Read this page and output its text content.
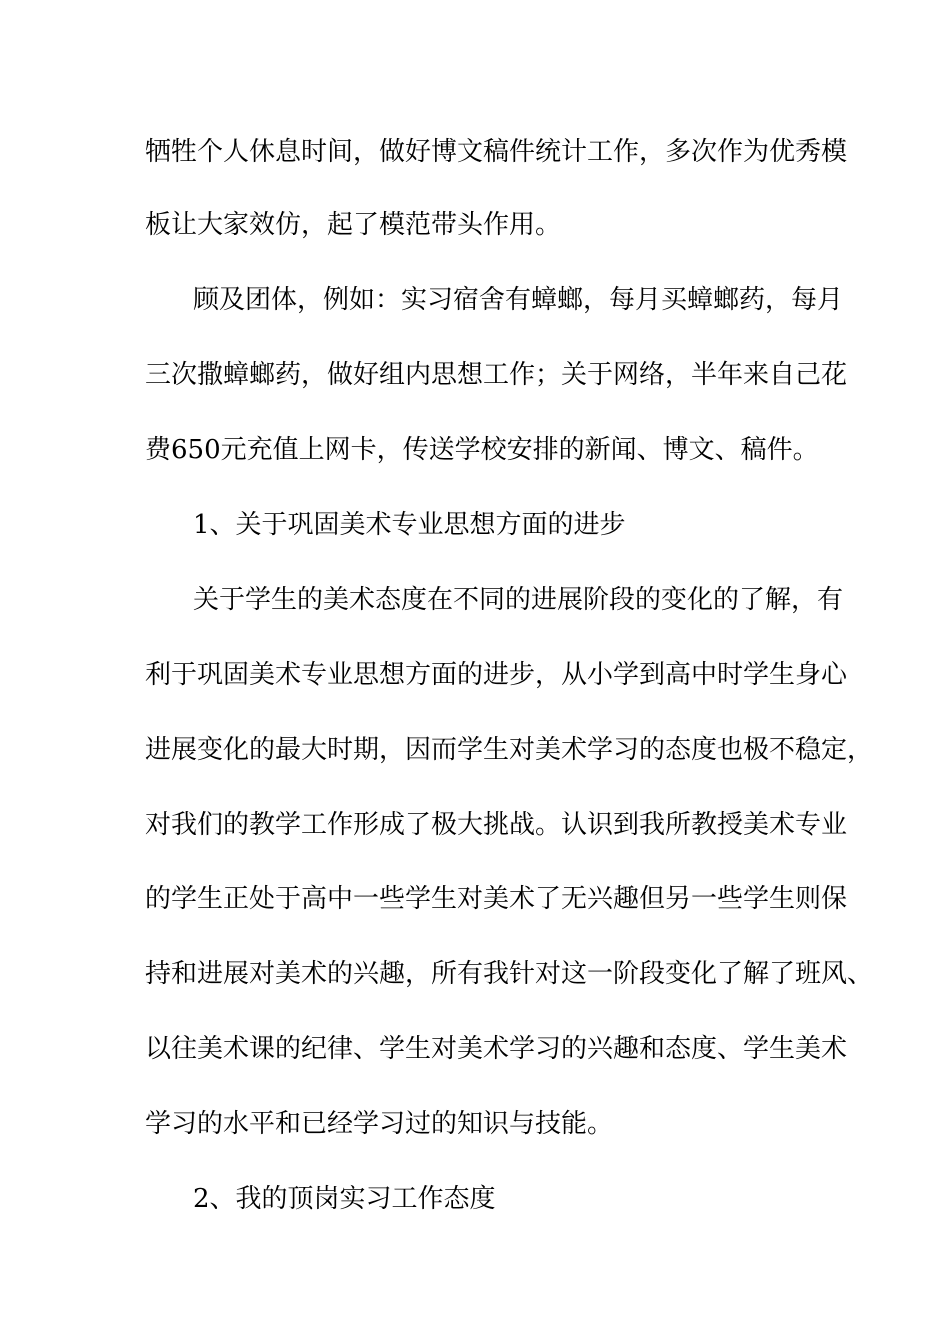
牺牲个人休息时间，做好博文稿件统计工作，多次作为优秀模
板让大家效仿，起了模范带头作用。
顾及团体，例如：实习宿舍有蟑螂，每月买蟑螂药，每月
三次撒蟑螂药，做好组内思想工作；关于网络，半年来自己花
费650元充值上网卡，传送学校安排的新闻、博文、稿件。
1、关于巩固美术专业思想方面的进步
关于学生的美术态度在不同的进展阶段的变化的了解，有
利于巩固美术专业思想方面的进步，从小学到高中时学生身心
进展变化的最大时期，因而学生对美术学习的态度也极不稳定，
对我们的教学工作形成了极大挑战。认识到我所教授美术专业
的学生正处于高中一些学生对美术了无兴趣但另一些学生则保
持和进展对美术的兴趣，所有我针对这一阶段变化了解了班风、
以往美术课的纪律、学生对美术学习的兴趣和态度、学生美术
学习的水平和已经学习过的知识与技能。
2、我的顶岗实习工作态度
